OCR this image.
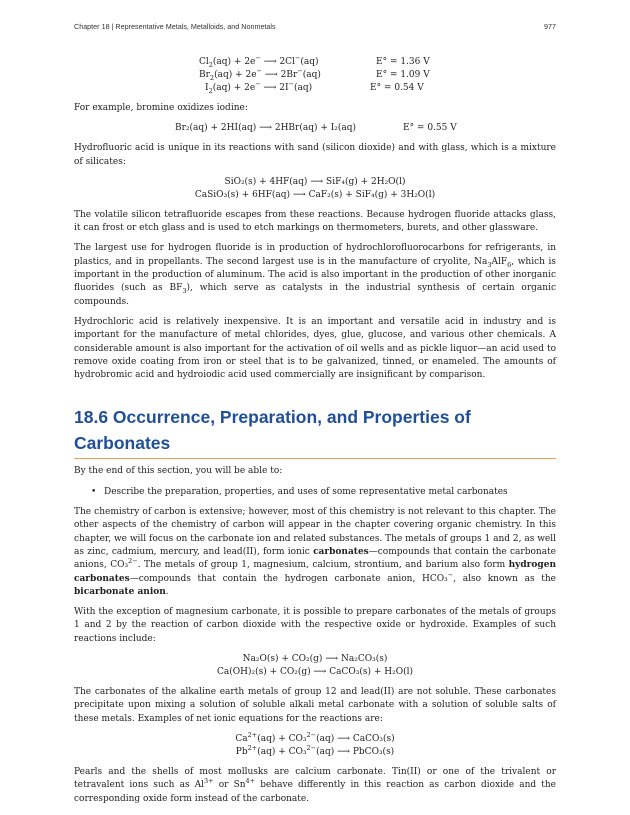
Chapter 18 | Representative Metals, Metalloids, and Nonmetals	977
$Cl_2(aq) + 2e^-$ ⟶ 2Cl−(aq)	E° = 1.36 V
$Br_2(aq) + 2e^-$ ⟶ 2Br−(aq)	E° = 1.09 V
$I_2(aq) + 2e^-$ ⟶ 2I−(aq)	E° = 0.54 V

For example, bromine oxidizes iodine:

Br₂(aq) + 2HI(aq) ⟶ 2HBr(aq) + I₂(aq)	E° = 0.55 V

Hydrofluoric acid is unique in its reactions with sand (silicon dioxide) and with glass, which is a mixture of silicates:

SiO₂(s) + 4HF(aq) ⟶ SiF₄(g) + 2H₂O(l)
CaSiO₃(s) + 6HF(aq) ⟶ CaF₂(s) + SiF₄(g) + 3H₂O(l)

The volatile silicon tetrafluoride escapes from these reactions. Because hydrogen fluoride attacks glass, it can frost or etch glass and is used to etch markings on thermometers, burets, and other glassware.

The largest use for hydrogen fluoride is in production of hydrochlorofluorocarbons for refrigerants, in plastics, and in propellants. The second largest use is in the manufacture of cryolite, $Na_3AlF_6$, which is important in the production of aluminum. The acid is also important in the production of other inorganic fluorides (such as $BF_3$), which serve as catalysts in the industrial synthesis of certain organic compounds.

Hydrochloric acid is relatively inexpensive. It is an important and versatile acid in industry and is important for the manufacture of metal chlorides, dyes, glue, glucose, and various other chemicals. A considerable amount is also important for the activation of oil wells and as pickle liquor—an acid used to remove oxide coating from iron or steel that is to be galvanized, tinned, or enameled. The amounts of hydrobromic acid and hydroiodic acid used commercially are insignificant by comparison.

18.6 Occurrence, Preparation, and Properties of Carbonates

By the end of this section, you will be able to:

• Describe the preparation, properties, and uses of some representative metal carbonates

The chemistry of carbon is extensive; however, most of this chemistry is not relevant to this chapter. The other aspects of the chemistry of carbon will appear in the chapter covering organic chemistry. In this chapter, we will focus on the carbonate ion and related substances. The metals of groups 1 and 2, as well as zinc, cadmium, mercury, and lead(II), form ionic carbonates—compounds that contain the carbonate anions, CO₃$^{2-}$. The metals of group 1, magnesium, calcium, strontium, and barium also form hydrogen carbonates—compounds that contain the hydrogen carbonate anion, HCO₃−, also known as the bicarbonate anion.

With the exception of magnesium carbonate, it is possible to prepare carbonates of the metals of groups 1 and 2 by the reaction of carbon dioxide with the respective oxide or hydroxide. Examples of such reactions include:

Na₂O(s) + CO₂(g) ⟶ Na₂CO₃(s)
Ca(OH)₂(s) + CO₂(g) ⟶ CaCO₃(s) + H₂O(l)

The carbonates of the alkaline earth metals of group 12 and lead(II) are not soluble. These carbonates precipitate upon mixing a solution of soluble alkali metal carbonate with a solution of soluble salts of these metals. Examples of net ionic equations for the reactions are:

$Ca^{2+}(aq) + CO_3^{2-}(aq)$ ⟶ CaCO₃(s)
$Pb^{2+}(aq) + CO_3^{2-}(aq)$ ⟶ PbCO₃(s)

Pearls and the shells of most mollusks are calcium carbonate. Tin(II) or one of the trivalent or tetravalent ions such as $Al^{3+}$ or $Sn^{4+}$ behave differently in this reaction as carbon dioxide and the corresponding oxide form instead of the carbonate.
